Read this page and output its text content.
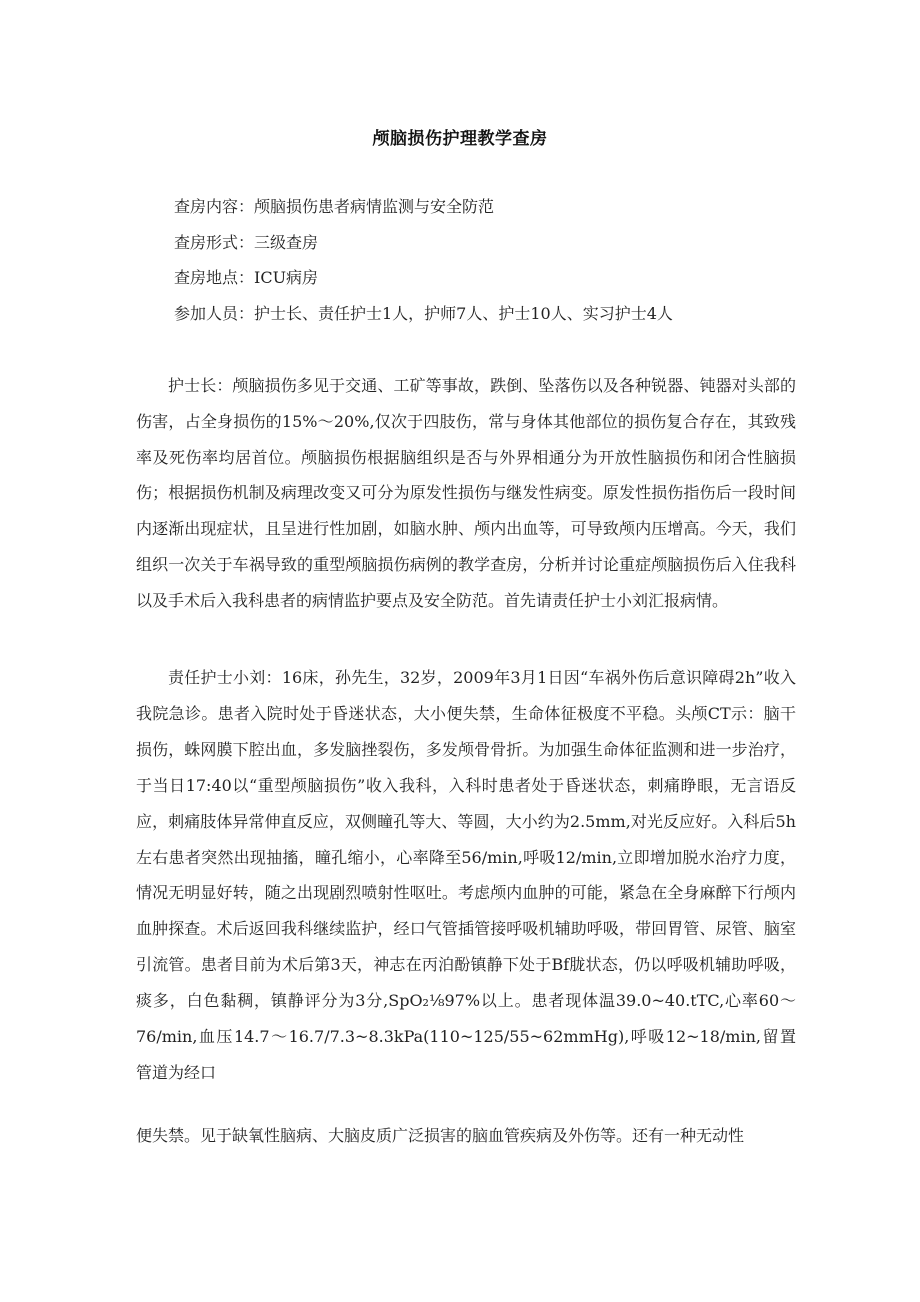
颅脑损伤护理教学查房
查房内容：颅脑损伤患者病情监测与安全防范
查房形式：三级查房
查房地点：ICU病房
参加人员：护士长、责任护士1人，护师7人、护士10人、实习护士4人

护士长：颅脑损伤多见于交通、工矿等事故，跌倒、坠落伤以及各种锐器、钝器对头部的伤害，占全身损伤的15%～20%,仅次于四肢伤，常与身体其他部位的损伤复合存在，其致残率及死伤率均居首位。颅脑损伤根据脑组织是否与外界相通分为开放性脑损伤和闭合性脑损伤；根据损伤机制及病理改变又可分为原发性损伤与继发性病变。原发性损伤指伤后一段时间内逐渐出现症状，且呈进行性加剧，如脑水肿、颅内出血等，可导致颅内压增高。今天，我们组织一次关于车祸导致的重型颅脑损伤病例的教学查房，分析并讨论重症颅脑损伤后入住我科以及手术后入我科患者的病情监护要点及安全防范。首先请责任护士小刘汇报病情。

责任护士小刘：16床，孙先生，32岁，2009年3月1日因“车祸外伤后意识障碍2h”收入我院急诊。患者入院时处于昏迷状态，大小便失禁，生命体征极度不平稳。头颅CT示：脑干损伤，蛛网膜下腔出血，多发脑挫裂伤，多发颅骨骨折。为加强生命体征监测和进一步治疗，于当日17:40以“重型颅脑损伤”收入我科，入科时患者处于昏迷状态，刺痛睁眼，无言语反应，刺痛肢体异常伸直反应，双侧瞳孔等大、等圆，大小约为2.5mm,对光反应好。入科后5h左右患者突然出现抽搐，瞳孔缩小，心率降至56/min,呼吸12/min,立即增加脱水治疗力度，情况无明显好转，随之出现剧烈喷射性呕吐。考虑颅内血肿的可能，紧急在全身麻醉下行颅内血肿探查。术后返回我科继续监护，经口气管插管接呼吸机辅助呼吸，带回胃管、尿管、脑室引流管。患者目前为术后第3天，神志在丙泊酚镇静下处于Bf胧状态，仍以呼吸机辅助呼吸，痰多，白色黏稠，镇静评分为3分,SpO₂⅛97%以上。患者现体温39.0~40.tTC,心率60～76/min,血压14.7～16.7/7.3~8.3kPa(110~125/55~62mmHg),呼吸12~18/min,留置管道为经口

便失禁。见于缺氧性脑病、大脑皮质广泛损害的脑血管疾病及外伤等。还有一种无动性
